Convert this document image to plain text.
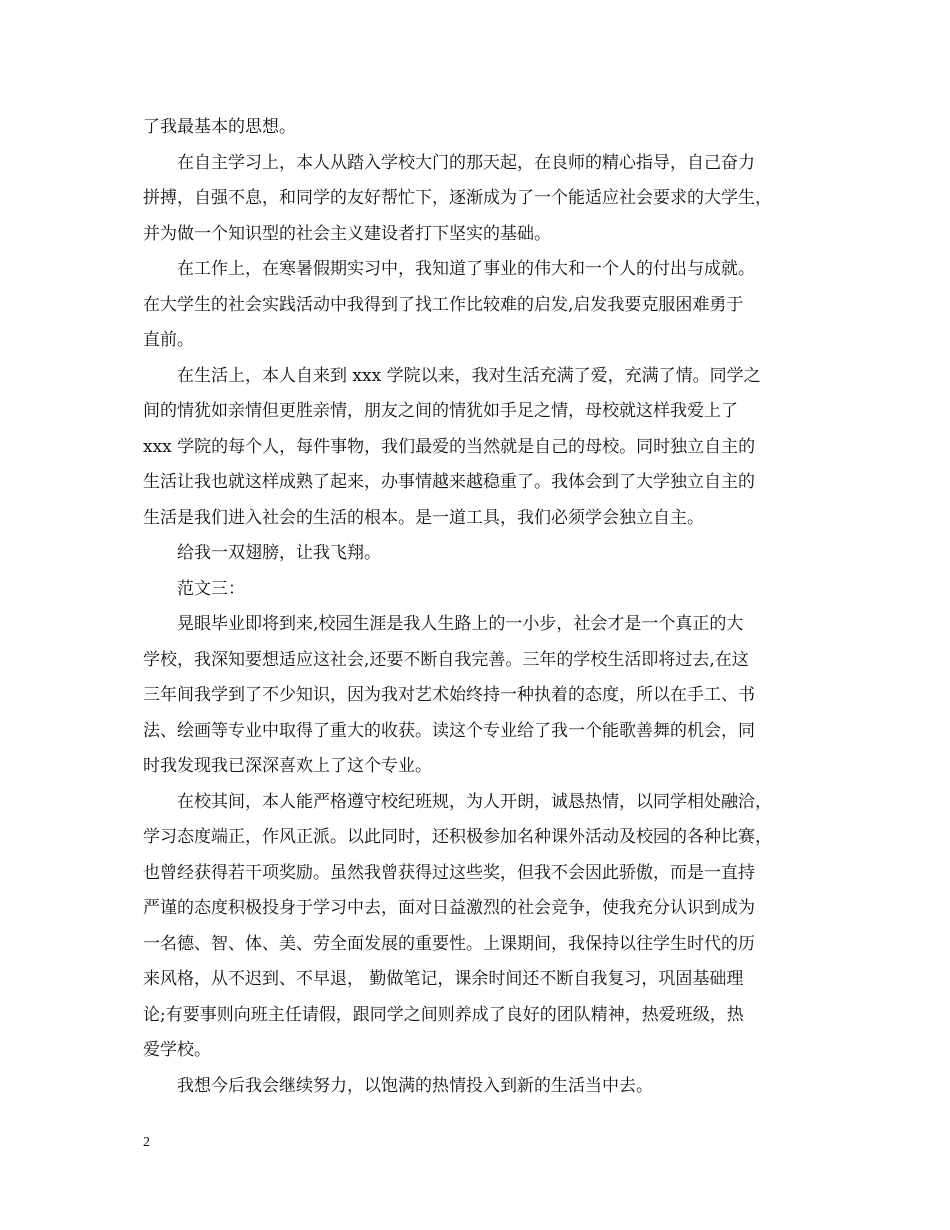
了我最基本的思想。
　　在自主学习上，本人从踏入学校大门的那天起，在良师的精心指导，自己奋力
拼搏，自强不息，和同学的友好帮忙下，逐渐成为了一个能适应社会要求的大学生，
并为做一个知识型的社会主义建设者打下坚实的基础。
　　在工作上，在寒暑假期实习中，我知道了事业的伟大和一个人的付出与成就。
在大学生的社会实践活动中我得到了找工作比较难的启发,启发我要克服困难勇于
直前。
　　在生活上，本人自来到 xxx 学院以来，我对生活充满了爱，充满了情。同学之
间的情犹如亲情但更胜亲情，朋友之间的情犹如手足之情，母校就这样我爱上了
xxx 学院的每个人，每件事物，我们最爱的当然就是自己的母校。同时独立自主的
生活让我也就这样成熟了起来，办事情越来越稳重了。我体会到了大学独立自主的
生活是我们进入社会的生活的根本。是一道工具，我们必须学会独立自主。
　　给我一双翅膀，让我飞翔。
　　范文三：
　　晃眼毕业即将到来,校园生涯是我人生路上的一小步，社会才是一个真正的大
学校，我深知要想适应这社会,还要不断自我完善。三年的学校生活即将过去,在这
三年间我学到了不少知识，因为我对艺术始终持一种执着的态度，所以在手工、书
法、绘画等专业中取得了重大的收获。读这个专业给了我一个能歌善舞的机会，同
时我发现我已深深喜欢上了这个专业。
　　在校其间，本人能严格遵守校纪班规，为人开朗，诚恳热情，以同学相处融洽，
学习态度端正，作风正派。以此同时，还积极参加名种课外活动及校园的各种比赛，
也曾经获得若干项奖励。虽然我曾获得过这些奖，但我不会因此骄傲，而是一直持
严谨的态度积极投身于学习中去，面对日益激烈的社会竞争，使我充分认识到成为
一名德、智、体、美、劳全面发展的重要性。上课期间，我保持以往学生时代的历
来风格，从不迟到、不早退， 勤做笔记，课余时间还不断自我复习，巩固基础理
论;有要事则向班主任请假，跟同学之间则养成了良好的团队精神，热爱班级，热
爱学校。
　　我想今后我会继续努力，以饱满的热情投入到新的生活当中去。
2
